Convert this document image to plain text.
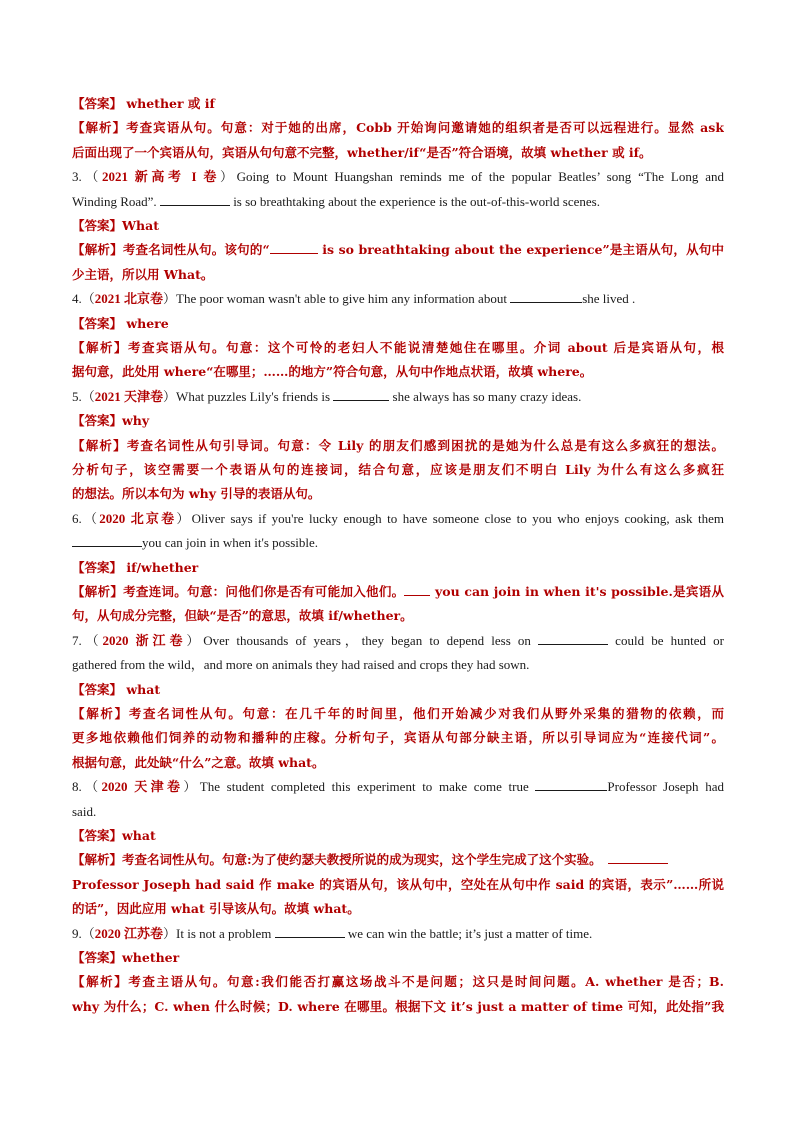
【答案】 whether 或 if
【解析】考查宾语从句。句意：对于她的出席，Cobb 开始询问邀请她的组织者是否可以远程进行。显然 ask
后面出现了一个宾语从句，宾语从句句意不完整，whether/if“是否”符合语境，故填 whether 或 if。
3.（2021 新高考 I 卷）Going to Mount Huangshan reminds me of the popular Beatles’ song “The Long and
Winding Road”.	is so breathtaking about the experience is the out-of-this-world scenes.
【答案】What
【解析】考查名词性从句。该句的“	is so breathtaking about the experience”是主语从句，从句中
少主语，所以用 What。
4.（2021 北京卷）The poor woman wasn't able to give him any information about	she lived .
【答案】 where
【解析】考查宾语从句。句意：这个可怜的老妇人不能说清楚她住在哪里。介词 about 后是宾语从句，根
据句意，此处用 where“在哪里；……的地方”符合句意，从句中作地点状语，故填 where。
5.（2021 天津卷）What puzzles Lily's friends is	she always has so many crazy ideas.
【答案】why
【解析】考查名词性从句引导词。句意：令 Lily 的朋友们感到困扰的是她为什么总是有这么多疯狂的想法。
分析句子，该空需要一个表语从句的连接词，结合句意，应该是朋友们不明白 Lily 为什么有这么多疯狂
的想法。所以本句为 why 引导的表语从句。
6.（2020 北京卷）Oliver says if you're lucky enough to have someone close to you who enjoys cooking, ask them
you can join in when it's possible.
【答案】 if/whether
【解析】考查连词。句意：问他们你是否有可能加入他们。 you can join in when it's possible.是宾语从
句，从句成分完整，但缺“是否”的意思，故填 if/whether。
7.（2020 浙江卷）Over thousands of years，they began to depend less on	could be hunted or
gathered from the wild，and more on animals they had raised and crops they had sown.
【答案】 what
【解析】考查名词性从句。句意：在几千年的时间里，他们开始减少对我们从野外采集的猎物的依赖，而
更多地依赖他们饲养的动物和播种的庄稼。分析句子，宾语从句部分缺主语，所以引导词应为“连接代词”。
根据句意，此处缺“什么”之意。故填 what。
8.（2020 天津卷）The student completed this experiment to make come true	Professor Joseph had
said.
【答案】what
【解析】考查名词性从句。句意:为了使约瑟夫教授所说的成为现实，这个学生完成了这个实验。
Professor Joseph had said 作 make 的宾语从句，该从句中，空处在从句中作 said 的宾语，表示”……所说
的话”，因此应用 what 引导该从句。故填 what。
9.（2020 江苏卷）It is not a problem	we can win the battle; it’s just a matter of time.
【答案】whether
【解析】考查主语从句。句意:我们能否打赢这场战斗不是问题；这只是时间问题。A. whether 是否；B.
why 为什么；C. when 什么时候；D. where 在哪里。根据下文 it’s just a matter of time 可知，此处指”我
